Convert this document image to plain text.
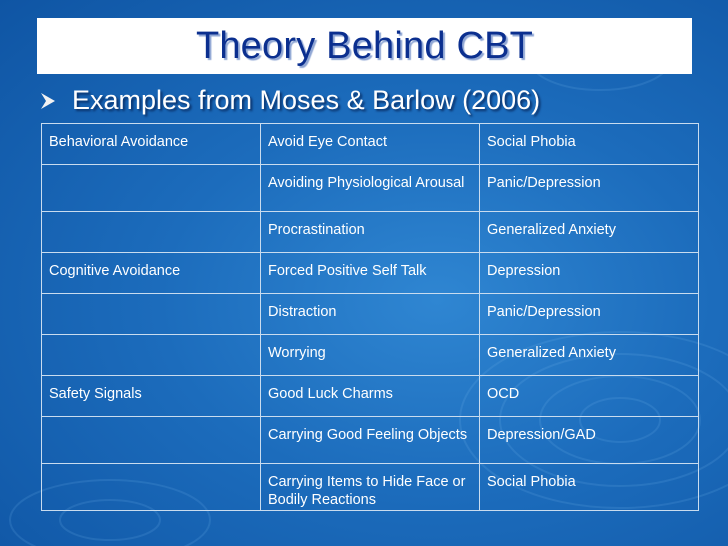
Theory Behind CBT
Examples from Moses & Barlow (2006)
Behavioral Avoidance	Avoid Eye Contact	Social Phobia
	Avoiding Physiological Arousal	Panic/Depression
	Procrastination	Generalized Anxiety
Cognitive Avoidance	Forced Positive Self Talk	Depression
	Distraction	Panic/Depression
	Worrying	Generalized Anxiety
Safety Signals	Good Luck Charms	OCD
	Carrying Good Feeling Objects	Depression/GAD
	Carrying Items to Hide Face or Bodily Reactions	Social Phobia
